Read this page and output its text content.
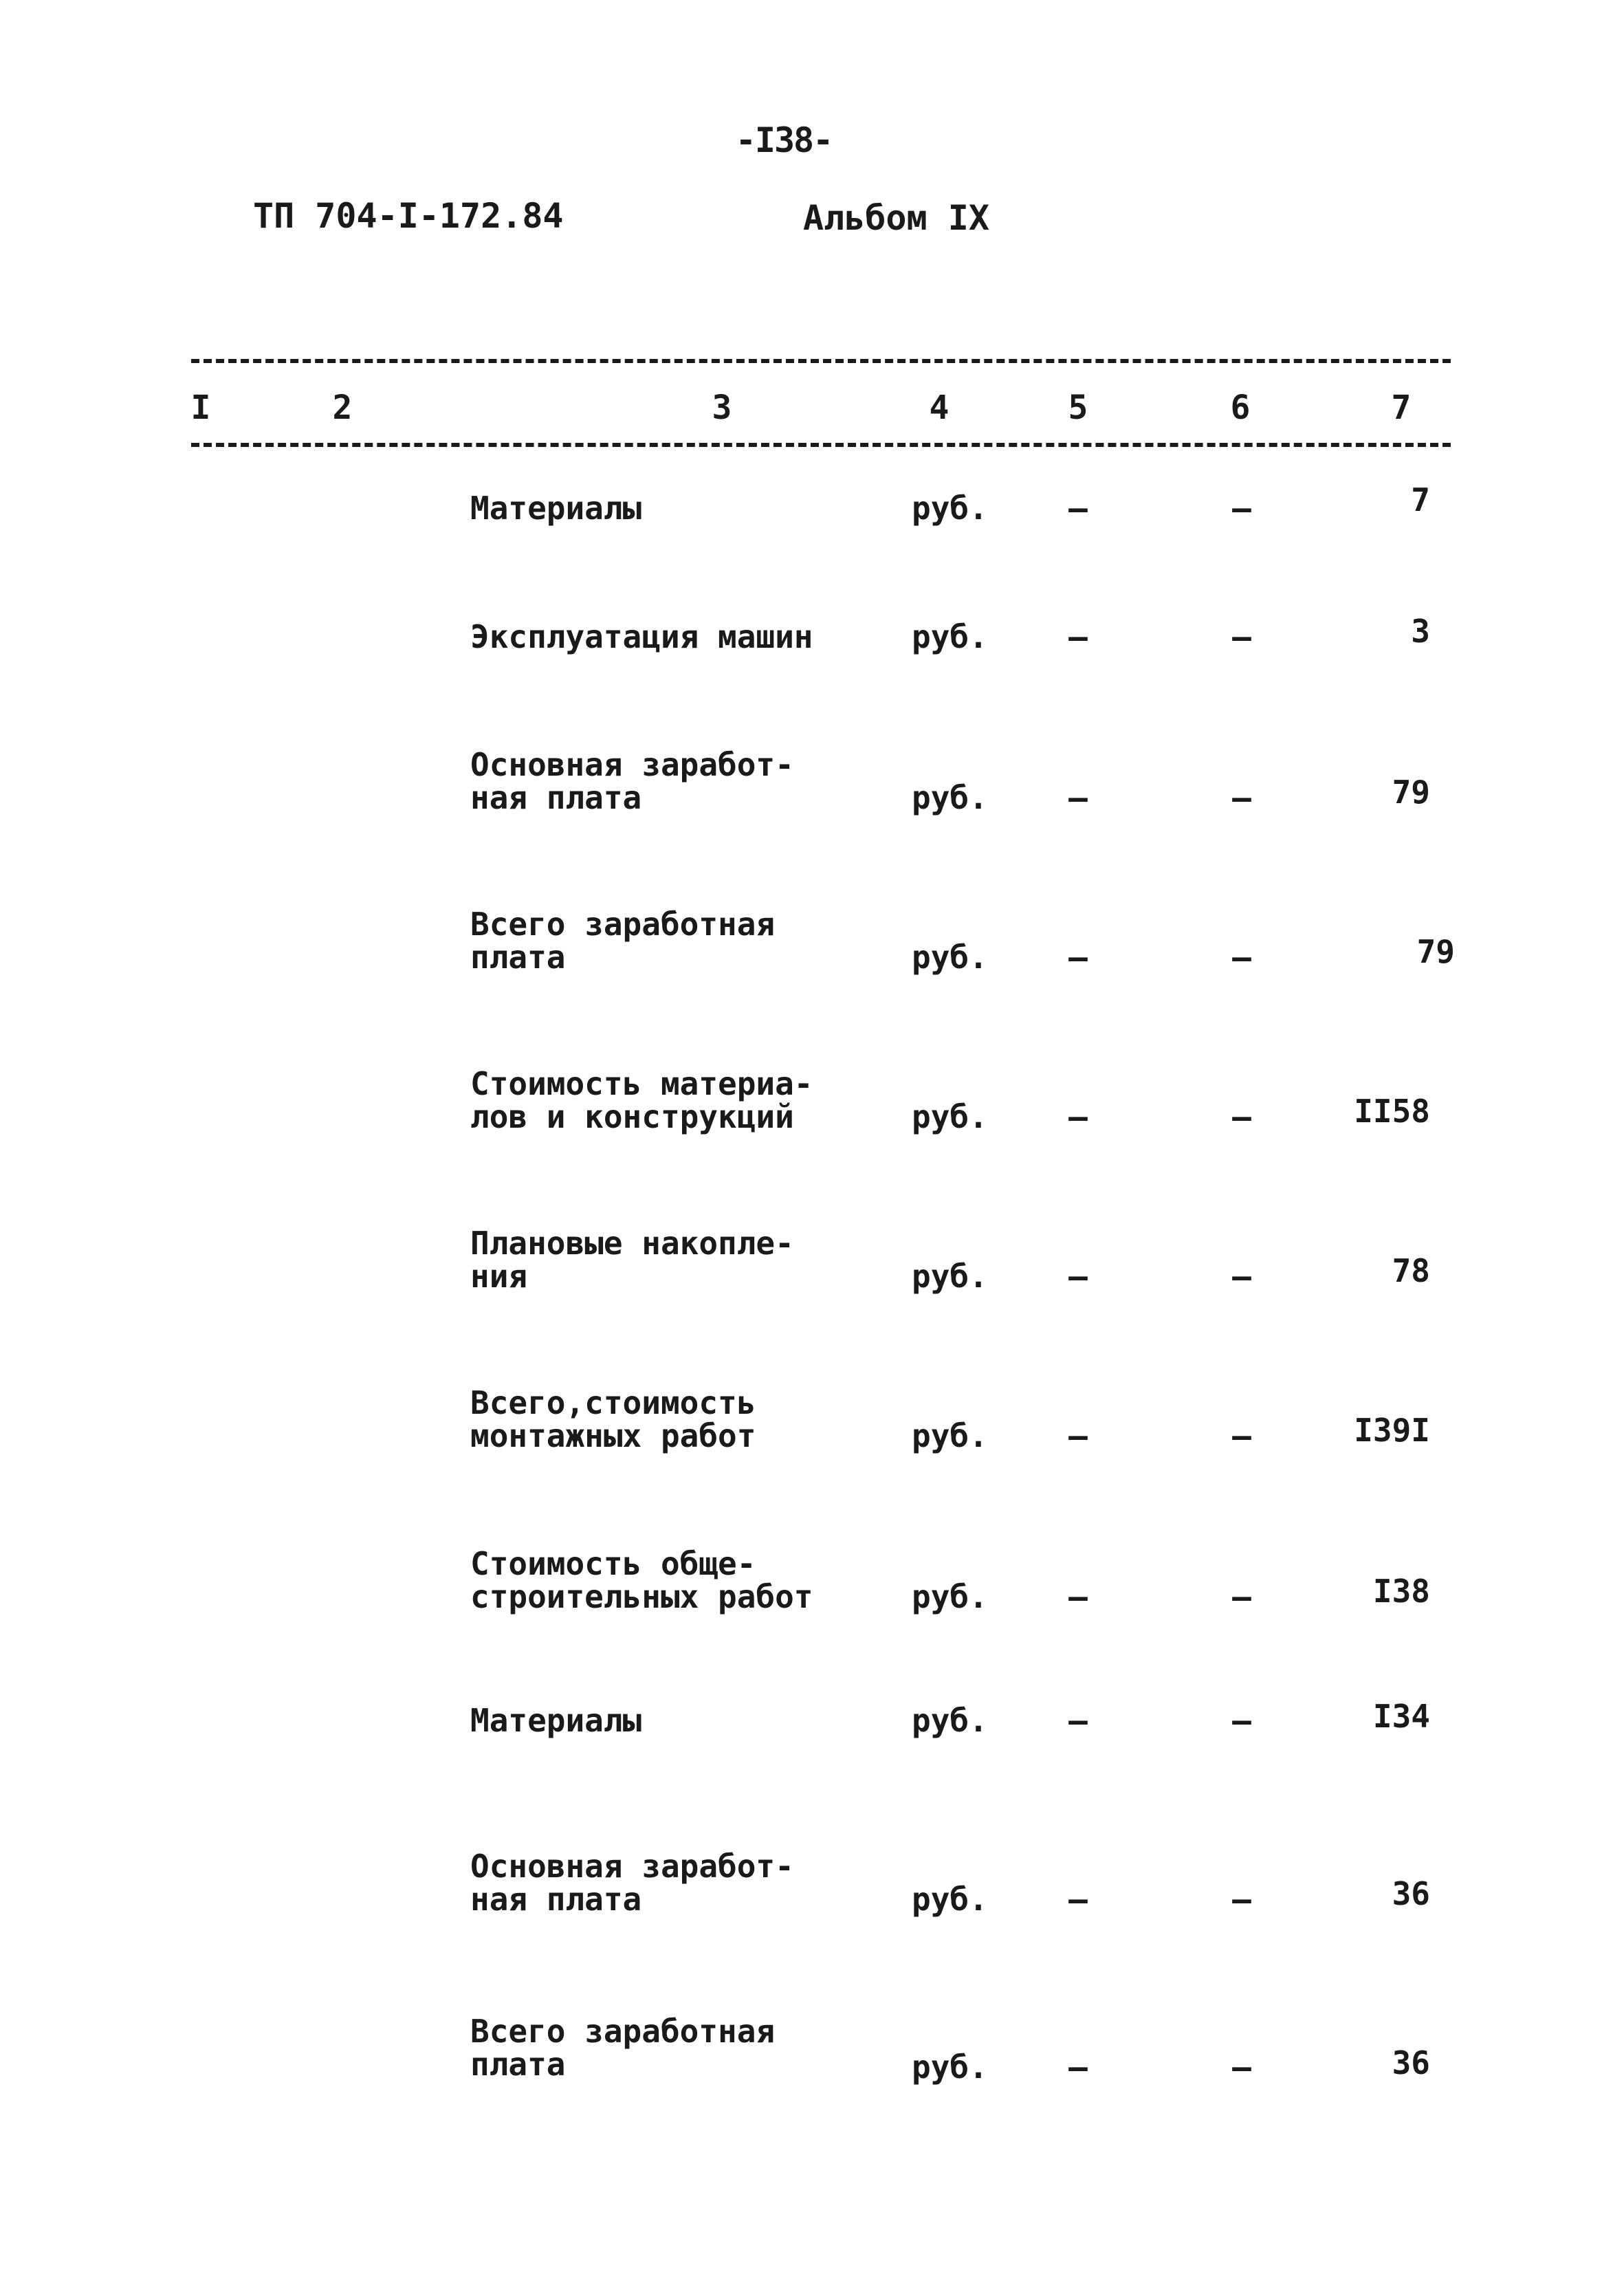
-I38-
ТП 704-I-172.84	Альбом IX
I	2	3	4	5	6	7
Материалы	руб.	–	–	7
Эксплуатация машин	руб.	–	–	3
Основная заработ-
ная плата	руб.	–	–	79
Всего заработная
плата	руб.	–	–	79
Стоимость материа-
лов и конструкций	руб.	–	–	II58
Плановые накопле-
ния	руб.	–	–	78
Всего,стоимость
монтажных работ	руб.	–	–	I39I
Стоимость обще-
строительных работ	руб.	–	–	I38
Материалы	руб.	–	–	I34
Основная заработ-
ная плата	руб.	–	–	36
Всего заработная
плата	руб.	–	–	36
